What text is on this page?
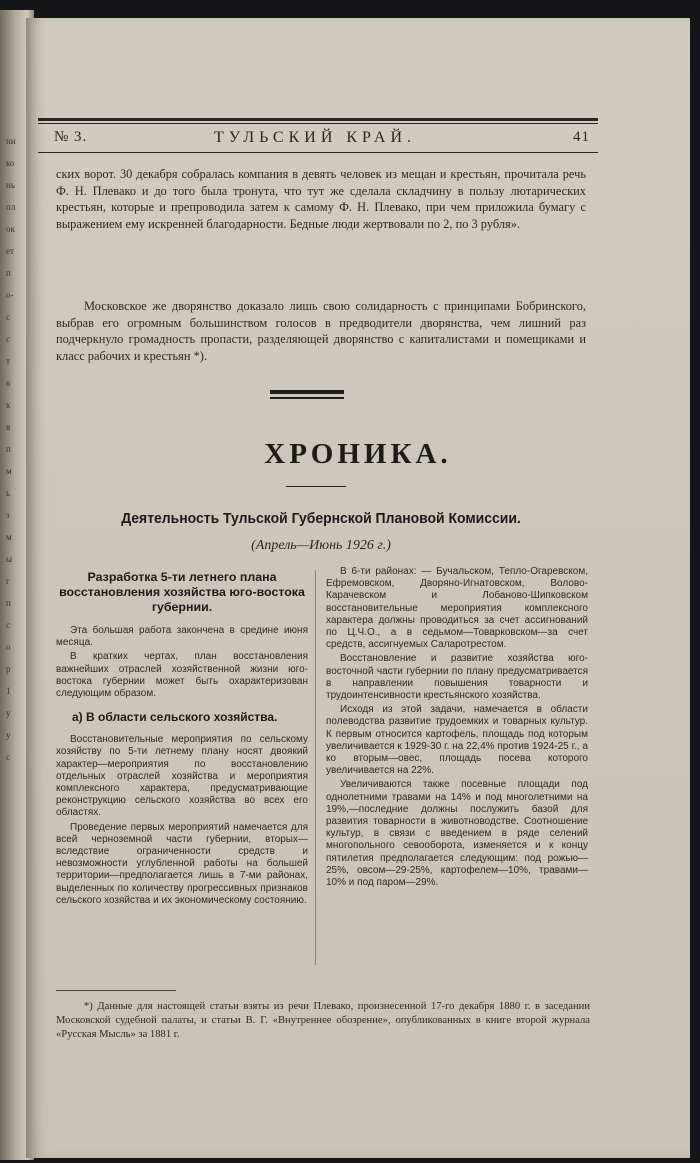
ни
ко
нь
пл
ок
ет
п
о-
с
с
т
в
к
в
п
м
ь
з
м
ы
г
п
с
о
р
1
у
у
с
№ 3.	ТУЛЬСКИЙ КРАЙ.	41
ских ворот. 30 декабря собралась компания в девять человек из мещан и крестьян, прочитала речь Ф. Н. Плевако и до того была тронута, что тут же сделала складчину в пользу лютарических крестьян, которые и препроводила затем к самому Ф. Н. Плевако, при чем приложила бумагу с выражением ему искренней благодарности. Бедные люди жертвовали по 2, по 3 рубля».
Московское же дворянство доказало лишь свою солидарность с принципами Бобринского, выбрав его огромным большинством голосов в предводители дворянства, чем лишний раз подчеркнуло громадность пропасти, разделяющей дворянство с капиталистами и помещиками и класс рабочих и крестьян *).
ХРОНИКА.
Деятельность Тульской Губернской Плановой Комиссии.
(Апрель—Июнь 1926 г.)
Разработка 5-ти летнего плана восстановления хозяйства юго-востока губернии.

Эта большая работа закончена в средине июня месяца.

В кратких чертах, план восстановления важнейших отраслей хозяйственной жизни юго-востока губернии может быть охарактеризован следующим образом.

а) В области сельского хозяйства.

Восстановительные мероприятия по сельскому хозяйству по 5-ти летнему плану носят двоякий характер—мероприятия по восстановлению отдельных отраслей хозяйства и мероприятия комплексного характера, предусматривающие реконструкцию сельского хозяйства во всех его областях.

Проведение первых мероприятий намечается для всей черноземной части губернии, вторых—вследствие ограниченности средств и невозможности углубленной работы на большей территории—предполагается лишь в 7-ми районах, выделенных по количеству прогрессивных признаков сельского хозяйства и их экономическому состоянию.

В 6-ти районах: — Бучальском, Тепло-Огаревском, Ефремовском, Дворяно-Игнатовском, Волово-Карачевском и Лобаново-Шипковском восстановительные мероприятия комплексного характера должны проводиться за счет ассигнований по Ц.Ч.О., а в седьмом—Товарковском—за счет средств, ассигнуемых Саларотрестом.

Восстановление и развитие хозяйства юго-восточной части губернии по плану предусматривается в направлении повышения товарности и трудоинтенсивности крестьянского хозяйства.

Исходя из этой задачи, намечается в области полеводства развитие трудоемких и товарных культур. К первым относится картофель, площадь под которым увеличивается к 1929-30 г. на 22,4% против 1924-25 г., а ко вторым—овес, площадь посева которого увеличивается на 22%.

Увеличиваются также посевные площади под однолетними травами на 14% и под многолетними на 19%,—последние должны послужить базой для развития товарности в животноводстве. Соотношение культур, в связи с введением в ряде селений многопольного севооборота, изменяется и к концу пятилетия предполагается следующим: под рожью—25%, овсом—29-25%, картофелем—10%, травами—10% и под паром—29%.

*) Данные для настоящей статьи взяты из речи Плевако, произнесенной 17-го декабря 1880 г. в заседании Московской судебной палаты, и статьи В. Г. «Внутреннее обозрение», опубликованных в книге второй журнала «Русская Мысль» за 1881 г.
